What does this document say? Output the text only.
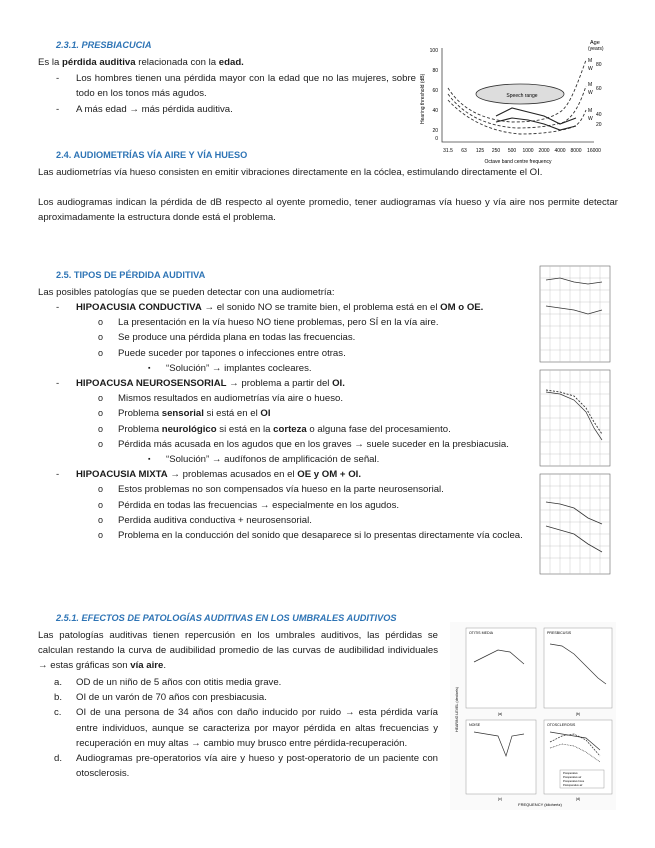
2.3.1. PRESBIACUCIA

Es la pérdida auditiva relacionada con la edad.

- Los hombres tienen una pérdida mayor con la edad que no las mujeres, sobre todo en los tonos más agudos.
- A más edad → más pérdida auditiva.	Hearing threshold (dB)
100
80
60
40
20
0
31.5 63 125 250 500 1000 2000 4000 8000 16000
Octave band centre frequency
Age
(years)
Speech range
M
80
W
M
60
W
M
40
W
20
2.4. AUDIOMETRÍAS VÍA AIRE Y VÍA HUESO

Las audiometrías vía hueso consisten en emitir vibraciones directamente en la cóclea, estimulando directamente el OI.

Los audiogramas indican la pérdida de dB respecto al oyente promedio, tener audiogramas vía hueso y vía aire nos permite detectar aproximadamente la estructura donde está el problema.

2.5. TIPOS DE PÉRDIDA AUDITIVA

Las posibles patologías que se pueden detectar con una audiometría:

- HIPOACUSIA CONDUCTIVA → el sonido NO se tramite bien, el problema está en el OM o OE.
o La presentación en la vía hueso NO tiene problemas, pero SÍ en la vía aire.
o Se produce una pérdida plana en todas las frecuencias.
o Puede suceder por tapones o infecciones entre otras.
▪ “Solución” → implantes cocleares.
- HIPOACUSA NEUROSENSORIAL → problema a partir del OI.
o Mismos resultados en audiometrías vía aire o hueso.
o Problema sensorial si está en el OI
o Problema neurológico si está en la corteza o alguna fase del procesamiento.
o Pérdida más acusada en los agudos que en los graves → suele suceder en la presbiacusia.
▪ “Solución” → audífonos de amplificación de señal.
- HIPOACUSIA MIXTA → problemas acusados en el OE y OM + OI.
o Estos problemas no son compensados vía hueso en la parte neurosensorial.
o Pérdida en todas las frecuencias → especialmente en los agudos.
o Perdida auditiva conductiva + neurosensorial.
o Problema en la conducción del sonido que desaparece si lo presentas directamente vía coclea.
2.5.1. EFECTOS DE PATOLOGÍAS AUDITIVAS EN LOS UMBRALES AUDITIVOS

Las patologías auditivas tienen repercusión en los umbrales auditivos, las pérdidas se calculan restando la curva de audibilidad promedio de las curvas de audibilidad individuales → estas gráficas son vía aire.

a. OD de un niño de 5 años con otitis media grave.
b. OI de un varón de 70 años con presbiacusia.
c. OI de una persona de 34 años con daño inducido por ruido → esta pérdida varía entre individuos, aunque se caracteriza por mayor pérdida en altas frecuencias y recuperación en muy altas → cambio muy brusco entre pérdida-recuperación.
d. Audiogramas pre-operatorios vía aire y hueso y post-operatorio de un paciente con otosclerosis.
HEARING LEVEL (decibels)
FREQUENCY (kilohertz)
OTITIS MEDIA
(a)
PRESBICUSIS
(b)
NOISE
(c)
OTOSCLEROSIS
Preoperative
Preoperative air
Preoperative bone
Postoperative air
(d)
